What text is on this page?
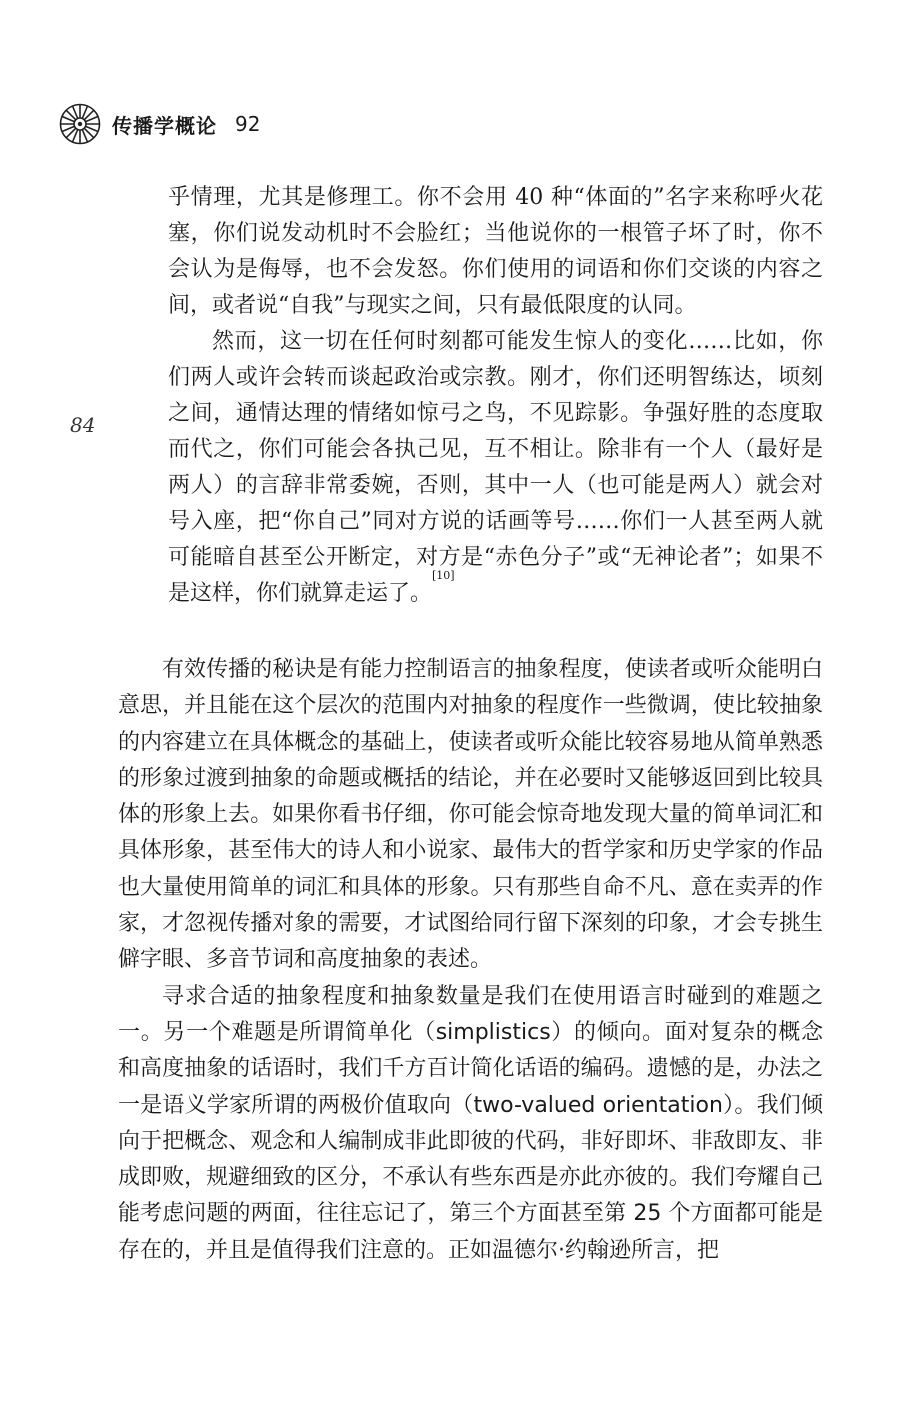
传播学概论 92
84

乎情理，尤其是修理工。你不会用 40 种“体面的”名字来称呼火花塞，你们说发动机时不会脸红；当他说你的一根管子坏了时，你不会认为是侮辱，也不会发怒。你们使用的词语和你们交谈的内容之间，或者说“自我”与现实之间，只有最低限度的认同。

然而，这一切在任何时刻都可能发生惊人的变化……比如，你们两人或许会转而谈起政治或宗教。刚才，你们还明智练达，顷刻之间，通情达理的情绪如惊弓之鸟，不见踪影。争强好胜的态度取而代之，你们可能会各执己见，互不相让。除非有一个人（最好是两人）的言辞非常委婉，否则，其中一人（也可能是两人）就会对号入座，把“你自己”同对方说的话画等号……你们一人甚至两人就可能暗自甚至公开断定，对方是“赤色分子”或“无神论者”；如果不是这样，你们就算走运了。[10]

有效传播的秘诀是有能力控制语言的抽象程度，使读者或听众能明白意思，并且能在这个层次的范围内对抽象的程度作一些微调，使比较抽象的内容建立在具体概念的基础上，使读者或听众能比较容易地从简单熟悉的形象过渡到抽象的命题或概括的结论，并在必要时又能够返回到比较具体的形象上去。如果你看书仔细，你可能会惊奇地发现大量的简单词汇和具体形象，甚至伟大的诗人和小说家、最伟大的哲学家和历史学家的作品也大量使用简单的词汇和具体的形象。只有那些自命不凡、意在卖弄的作家，才忽视传播对象的需要，才试图给同行留下深刻的印象，才会专挑生僻字眼、多音节词和高度抽象的表述。

寻求合适的抽象程度和抽象数量是我们在使用语言时碰到的难题之一。另一个难题是所谓简单化（simplistics）的倾向。面对复杂的概念和高度抽象的话语时，我们千方百计简化话语的编码。遗憾的是，办法之一是语义学家所谓的两极价值取向（two-valued orientation）。我们倾向于把概念、观念和人编制成非此即彼的代码，非好即坏、非敌即友、非成即败，规避细致的区分，不承认有些东西是亦此亦彼的。我们夸耀自己能考虑问题的两面，往往忘记了，第三个方面甚至第 25 个方面都可能是存在的，并且是值得我们注意的。正如温德尔·约翰逊所言，把
